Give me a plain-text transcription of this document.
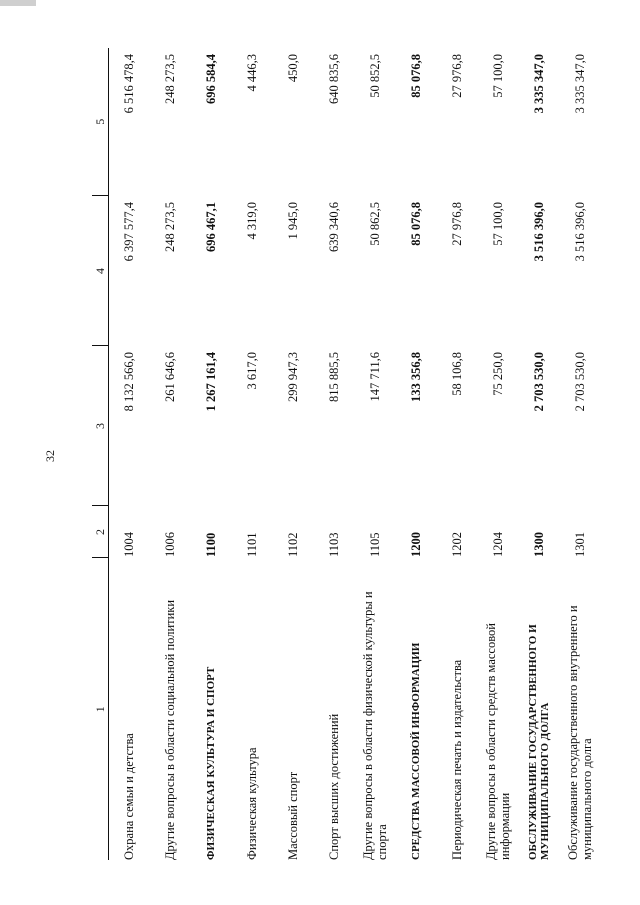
32
1	2	3	4	5
Охрана семьи и детства	1004	8 132 566,0	6 397 577,4	6 516 478,4
Другие вопросы в области социальной политики	1006	261 646,6	248 273,5	248 273,5
ФИЗИЧЕСКАЯ КУЛЬТУРА И СПОРТ	1100	1 267 161,4	696 467,1	696 584,4
Физическая культура	1101	3 617,0	4 319,0	4 446,3
Массовый спорт	1102	299 947,3	1 945,0	450,0
Спорт высших достижений	1103	815 885,5	639 340,6	640 835,6
Другие вопросы в области физической культуры и спорта	1105	147 711,6	50 862,5	50 852,5
СРЕДСТВА МАССОВОЙ ИНФОРМАЦИИ	1200	133 356,8	85 076,8	85 076,8
Периодическая печать и издательства	1202	58 106,8	27 976,8	27 976,8
Другие вопросы в области средств массовой информации	1204	75 250,0	57 100,0	57 100,0
ОБСЛУЖИВАНИЕ ГОСУДАРСТВЕННОГО И МУНИЦИПАЛЬНОГО ДОЛГА	1300	2 703 530,0	3 516 396,0	3 335 347,0
Обслуживание государственного внутреннего и муниципального долга	1301	2 703 530,0	3 516 396,0	3 335 347,0
